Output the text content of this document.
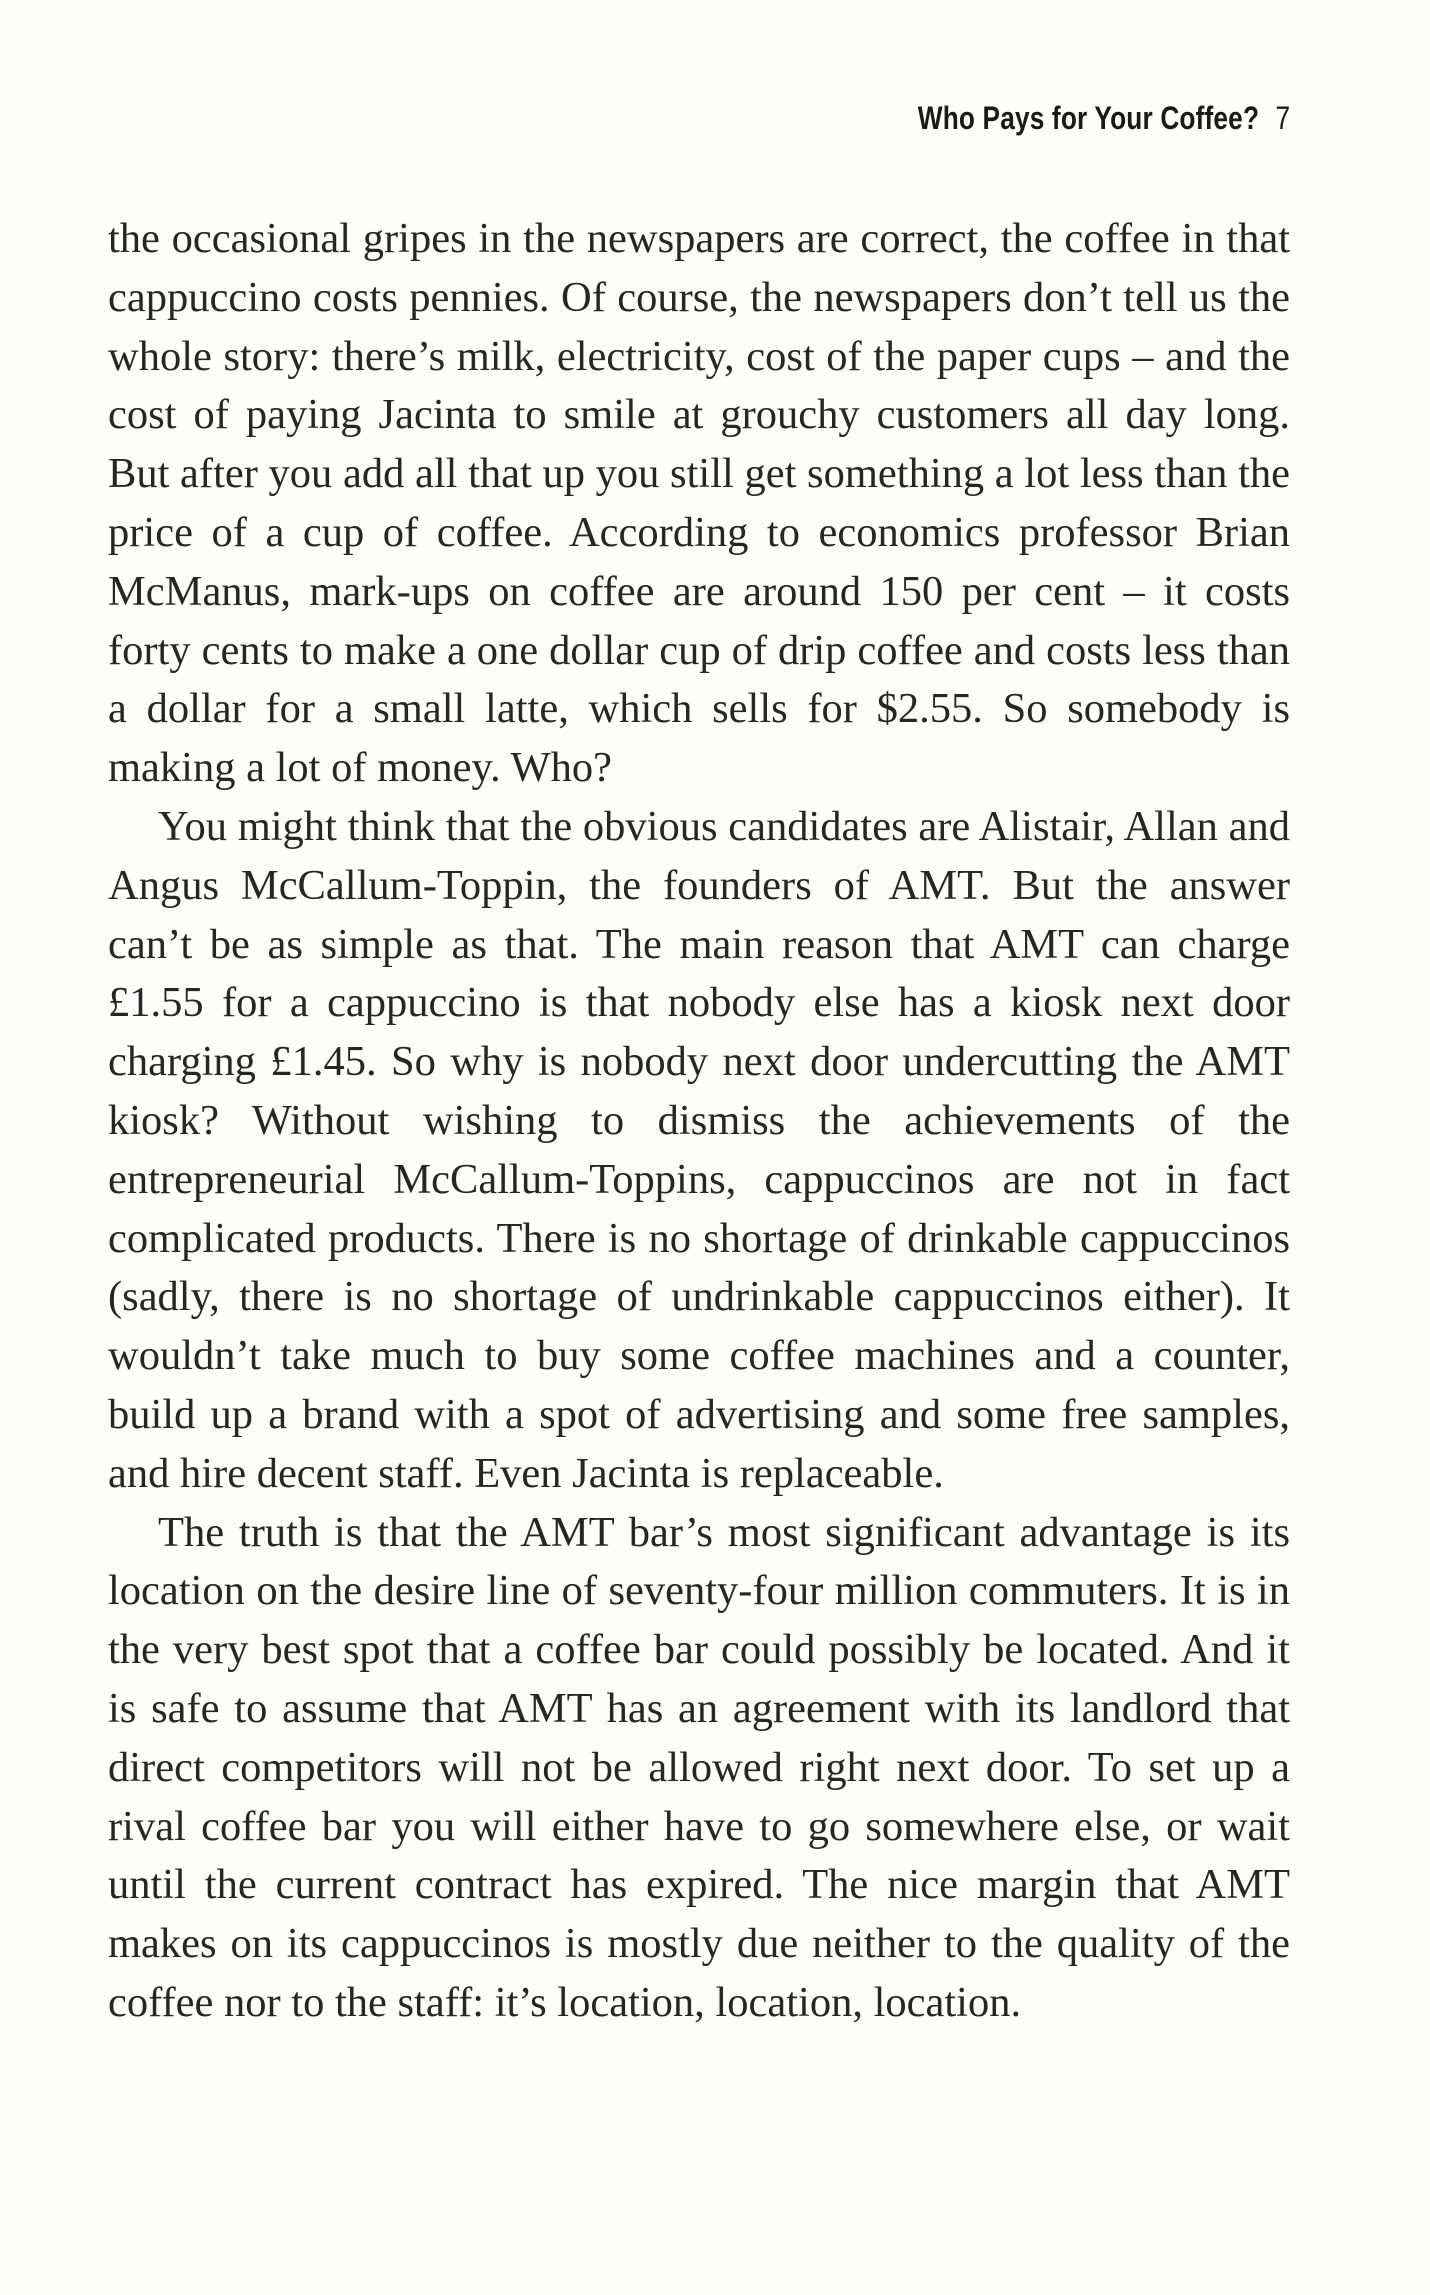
Who Pays for Your Coffee? 7

the occasional gripes in the newspapers are correct, the coffee in that cappuccino costs pennies. Of course, the newspapers don’t tell us the whole story: there’s milk, electricity, cost of the paper cups – and the cost of paying Jacinta to smile at grouchy customers all day long. But after you add all that up you still get something a lot less than the price of a cup of coffee. According to economics professor Brian McManus, mark-ups on coffee are around 150 per cent – it costs forty cents to make a one dollar cup of drip coffee and costs less than a dollar for a small latte, which sells for $2.55. So somebody is making a lot of money. Who?

You might think that the obvious candidates are Alistair, Allan and Angus McCallum-Toppin, the founders of AMT. But the answer can’t be as simple as that. The main reason that AMT can charge £1.55 for a cappuccino is that nobody else has a kiosk next door charging £1.45. So why is nobody next door undercutting the AMT kiosk? Without wishing to dismiss the achievements of the entrepreneurial McCallum-Toppins, cappuccinos are not in fact complicated products. There is no shortage of drinkable cappuccinos (sadly, there is no shortage of undrinkable cappuccinos either). It wouldn’t take much to buy some coffee machines and a counter, build up a brand with a spot of advertising and some free samples, and hire decent staff. Even Jacinta is replaceable.

The truth is that the AMT bar’s most significant advantage is its location on the desire line of seventy-four million commuters. It is in the very best spot that a coffee bar could possibly be located. And it is safe to assume that AMT has an agreement with its landlord that direct competitors will not be allowed right next door. To set up a rival coffee bar you will either have to go somewhere else, or wait until the current contract has expired. The nice margin that AMT makes on its cappuccinos is mostly due neither to the quality of the coffee nor to the staff: it’s location, location, location.
